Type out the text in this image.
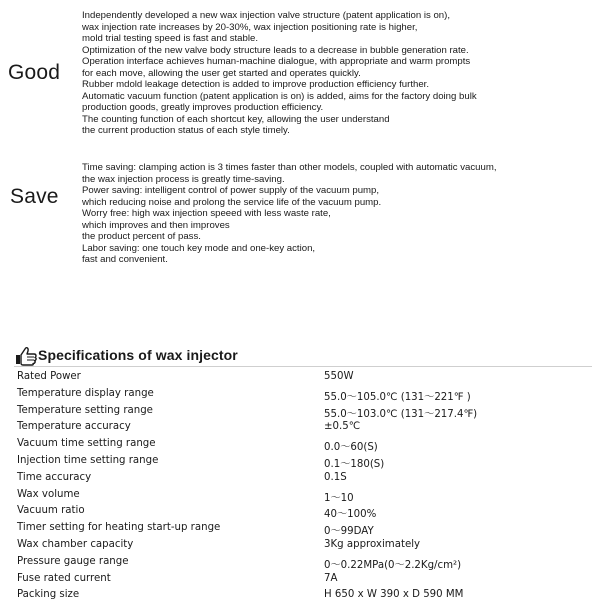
Good
Independently developed a new wax injection valve structure (patent application is on),
wax injection rate increases by 20-30%, wax injection positioning rate is higher,
mold trial testing speed is fast and stable.
Optimization of the new valve body structure leads to a decrease in bubble generation rate.
Operation interface achieves human-machine dialogue, with appropriate and warm prompts
for each move, allowing the user get started and operates quickly.
Rubber mdold leakage detection is added to improve production efficiency further.
Automatic vacuum function (patent application is on) is added, aims for the factory doing bulk
production goods, greatly improves production efficiency.
The counting function of each shortcut key, allowing the user understand
the current production status of each style timely.
Save
Time saving: clamping action is 3 times faster than other models, coupled with automatic vacuum,
the wax injection process is greatly time-saving.
Power saving: intelligent control of power supply of the vacuum pump,
which reducing noise and prolong the service life of the vacuum pump.
Worry free: high wax injection speeed with less waste rate,
which improves and then improves
the product percent of pass.
Labor saving: one touch key mode and one-key action,
fast and convenient.
Specifications of wax injector
Rated Power	550W
Temperature display range	55.0～105.0℃ (131～221℉ )
Temperature setting range	55.0～103.0℃ (131～217.4℉)
Temperature accuracy	±0.5℃
Vacuum time setting range	0.0～60(S)
Injection time setting range	0.1～180(S)
Time accuracy	0.1S
Wax volume	1～10
Vacuum ratio	40～100%
Timer setting for heating start-up range	0～99DAY
Wax chamber capacity	3Kg approximately
Pressure gauge range	0～0.22MPa(0～2.2Kg/cm²)
Fuse rated current	7A
Packing size	H 650 x W 390 x D 590 MM
